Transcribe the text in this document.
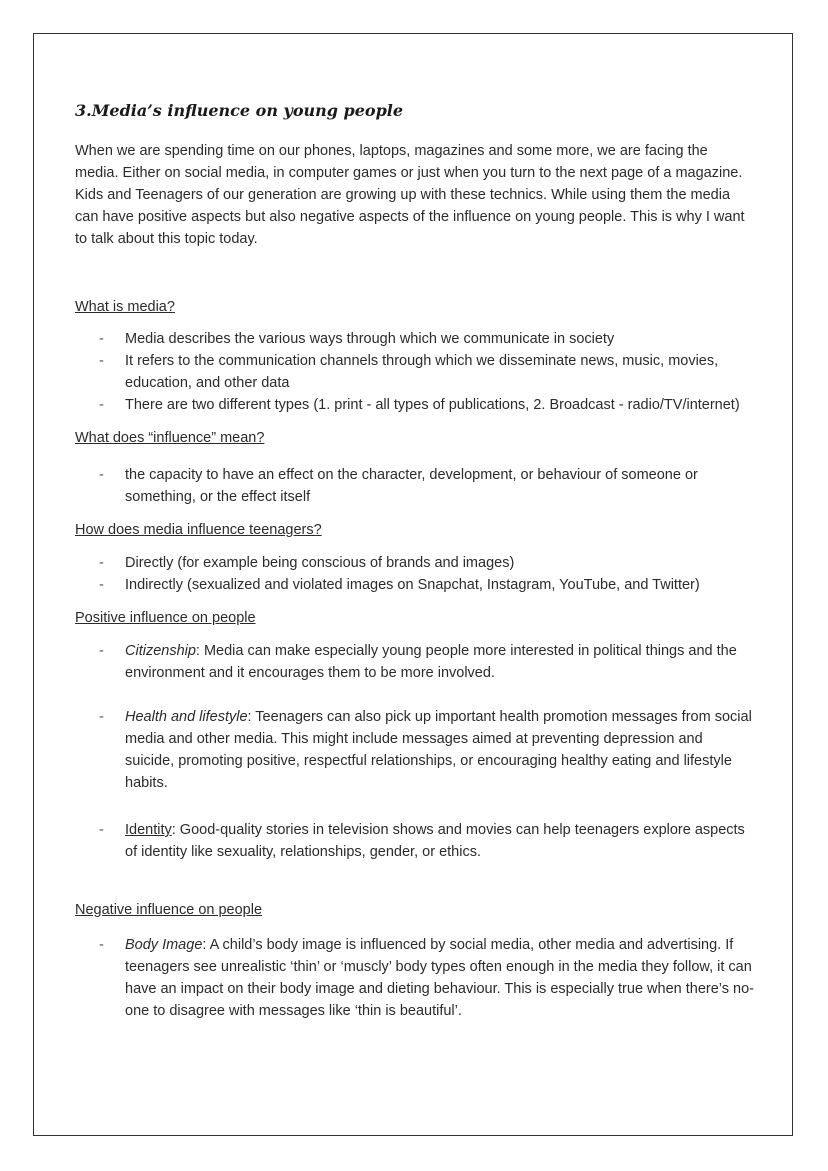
3.Media’s influence on young people

When we are spending time on our phones, laptops, magazines and some more, we are facing the media. Either on social media, in computer games or just when you turn to the next page of a magazine. Kids and Teenagers of our generation are growing up with these technics. While using them the media can have positive aspects but also negative aspects of the influence on young people. This is why I want to talk about this topic today.

What is media?

- Media describes the various ways through which we communicate in society
- It refers to the communication channels through which we disseminate news, music, movies, education, and other data
- There are two different types (1. print - all types of publications, 2. Broadcast - radio/TV/internet)

What does “influence” mean?

- the capacity to have an effect on the character, development, or behaviour of someone or something, or the effect itself

How does media influence teenagers?

- Directly (for example being conscious of brands and images)
- Indirectly (sexualized and violated images on Snapchat, Instagram, YouTube, and Twitter)

Positive influence on people

- Citizenship: Media can make especially young people more interested in political things and the environment and it encourages them to be more involved.
- Health and lifestyle: Teenagers can also pick up important health promotion messages from social media and other media. This might include messages aimed at preventing depression and suicide, promoting positive, respectful relationships, or encouraging healthy eating and lifestyle habits.
- Identity: Good-quality stories in television shows and movies can help teenagers explore aspects of identity like sexuality, relationships, gender, or ethics.

Negative influence on people

- Body Image: A child’s body image is influenced by social media, other media and advertising. If teenagers see unrealistic ‘thin’ or ‘muscly’ body types often enough in the media they follow, it can have an impact on their body image and dieting behaviour. This is especially true when there’s no-one to disagree with messages like ‘thin is beautiful’.
